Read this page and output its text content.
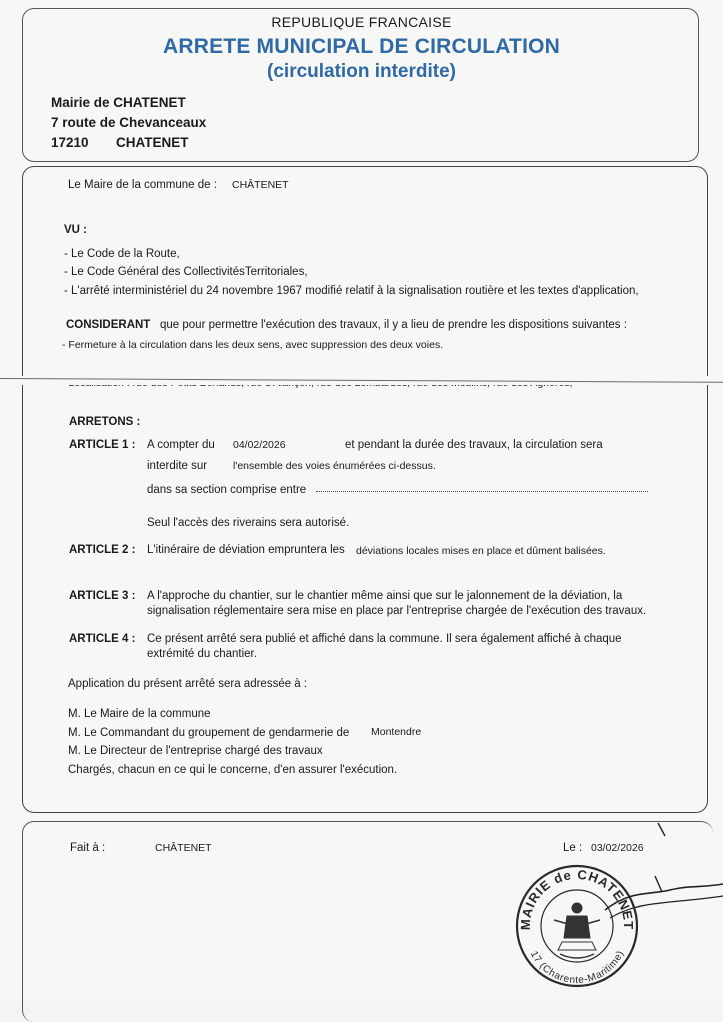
REPUBLIQUE FRANCAISE
ARRETE MUNICIPAL DE CIRCULATION
(circulation interdite)
Mairie de CHATENET
7 route de Chevanceaux
17210 CHATENET
Le Maire de la commune de : CHÂTENET
VU :
- Le Code de la Route,
- Le Code Général des CollectivitésTerritoriales,
- L'arrêté interministériel du 24 novembre 1967 modifié relatif à la signalisation routière et les textes d'application,
CONSIDERANT que pour permettre l'exécution des travaux, il y a lieu de prendre les dispositions suivantes :
- Fermeture à la circulation dans les deux sens, avec suppression des deux voies.
ARRETONS :
ARTICLE 1 : A compter du 04/02/2026	et pendant la durée des travaux, la circulation sera
interdite sur l'ensemble des voies énumérées ci-dessus.
dans sa section comprise entre
Seul l'accès des riverains sera autorisé.
ARTICLE 2 : L'itinéraire de déviation empruntera les déviations locales mises en place et dûment balisées.
ARTICLE 3 : A l'approche du chantier, sur le chantier même ainsi que sur le jalonnement de la déviation, la
signalisation réglementaire sera mise en place par l'entreprise chargée de l'exécution des travaux.
ARTICLE 4 : Ce présent arrêté sera publié et affiché dans la commune. Il sera également affiché à chaque
extrémité du chantier.
Application du présent arrêté sera adressée à :
M. Le Maire de la commune
M. Le Commandant du groupement de gendarmerie de Montendre
M. Le Directeur de l'entreprise chargé des travaux
Chargés, chacun en ce qui le concerne, d'en assurer l'exécution.
Fait à :	CHÂTENET	Le : 03/02/2026
MAIRIE de CHATENET
17 (Charente-Maritime)
